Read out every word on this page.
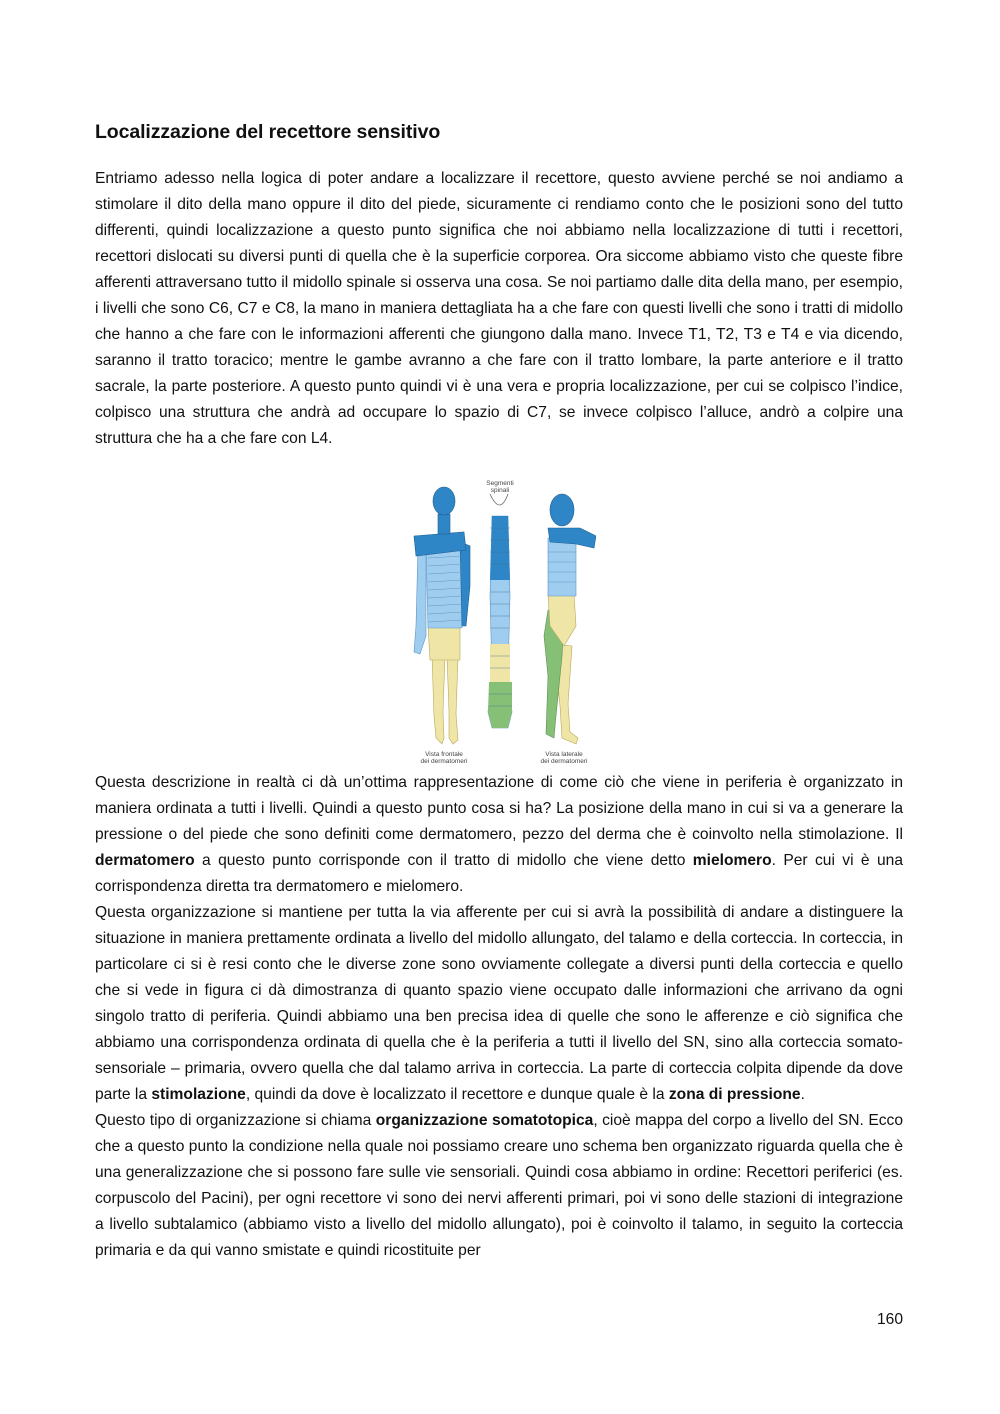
Localizzazione del recettore sensitivo

Entriamo adesso nella logica di poter andare a localizzare il recettore, questo avviene perché se noi andiamo a stimolare il dito della mano oppure il dito del piede, sicuramente ci rendiamo conto che le posizioni sono del tutto differenti, quindi localizzazione a questo punto significa che noi abbiamo nella localizzazione di tutti i recettori, recettori dislocati su diversi punti di quella che è la superficie corporea. Ora siccome abbiamo visto che queste fibre afferenti attraversano tutto il midollo spinale si osserva una cosa. Se noi partiamo dalle dita della mano, per esempio, i livelli che sono C6, C7 e C8, la mano in maniera dettagliata ha a che fare con questi livelli che sono i tratti di midollo che hanno a che fare con le informazioni afferenti che giungono dalla mano. Invece T1, T2, T3 e T4 e via dicendo, saranno il tratto toracico; mentre le gambe avranno a che fare con il tratto lombare, la parte anteriore e il tratto sacrale, la parte posteriore. A questo punto quindi vi è una vera e propria localizzazione, per cui se colpisco l’indice, colpisco una struttura che andrà ad occupare lo spazio di C7, se invece colpisco l’alluce, andrò a colpire una struttura che ha a che fare con L4.

Segmenti
spinali
Vista frontale
dei dermatomeri
Vista laterale
dei dermatomeri
Questa descrizione in realtà ci dà un’ottima rappresentazione di come ciò che viene in periferia è organizzato in maniera ordinata a tutti i livelli. Quindi a questo punto cosa si ha? La posizione della mano in cui si va a generare la pressione o del piede che sono definiti come dermatomero, pezzo del derma che è coinvolto nella stimolazione. Il dermatomero a questo punto corrisponde con il tratto di midollo che viene detto mielomero. Per cui vi è una corrispondenza diretta tra dermatomero e mielomero.
Questa organizzazione si mantiene per tutta la via afferente per cui si avrà la possibilità di andare a distinguere la situazione in maniera prettamente ordinata a livello del midollo allungato, del talamo e della corteccia. In corteccia, in particolare ci si è resi conto che le diverse zone sono ovviamente collegate a diversi punti della corteccia e quello che si vede in figura ci dà dimostranza di quanto spazio viene occupato dalle informazioni che arrivano da ogni singolo tratto di periferia. Quindi abbiamo una ben precisa idea di quelle che sono le afferenze e ciò significa che abbiamo una corrispondenza ordinata di quella che è la periferia a tutti il livello del SN, sino alla corteccia somato- sensoriale – primaria, ovvero quella che dal talamo arriva in corteccia. La parte di corteccia colpita dipende da dove parte la stimolazione, quindi da dove è localizzato il recettore e dunque quale è la zona di pressione.
Questo tipo di organizzazione si chiama organizzazione somatotopica, cioè mappa del corpo a livello del SN. Ecco che a questo punto la condizione nella quale noi possiamo creare uno schema ben organizzato riguarda quella che è una generalizzazione che si possono fare sulle vie sensoriali. Quindi cosa abbiamo in ordine: Recettori periferici (es. corpuscolo del Pacini), per ogni recettore vi sono dei nervi afferenti primari, poi vi sono delle stazioni di integrazione a livello subtalamico (abbiamo visto a livello del midollo allungato), poi è coinvolto il talamo, in seguito la corteccia primaria e da qui vanno smistate e quindi ricostituite per
160
